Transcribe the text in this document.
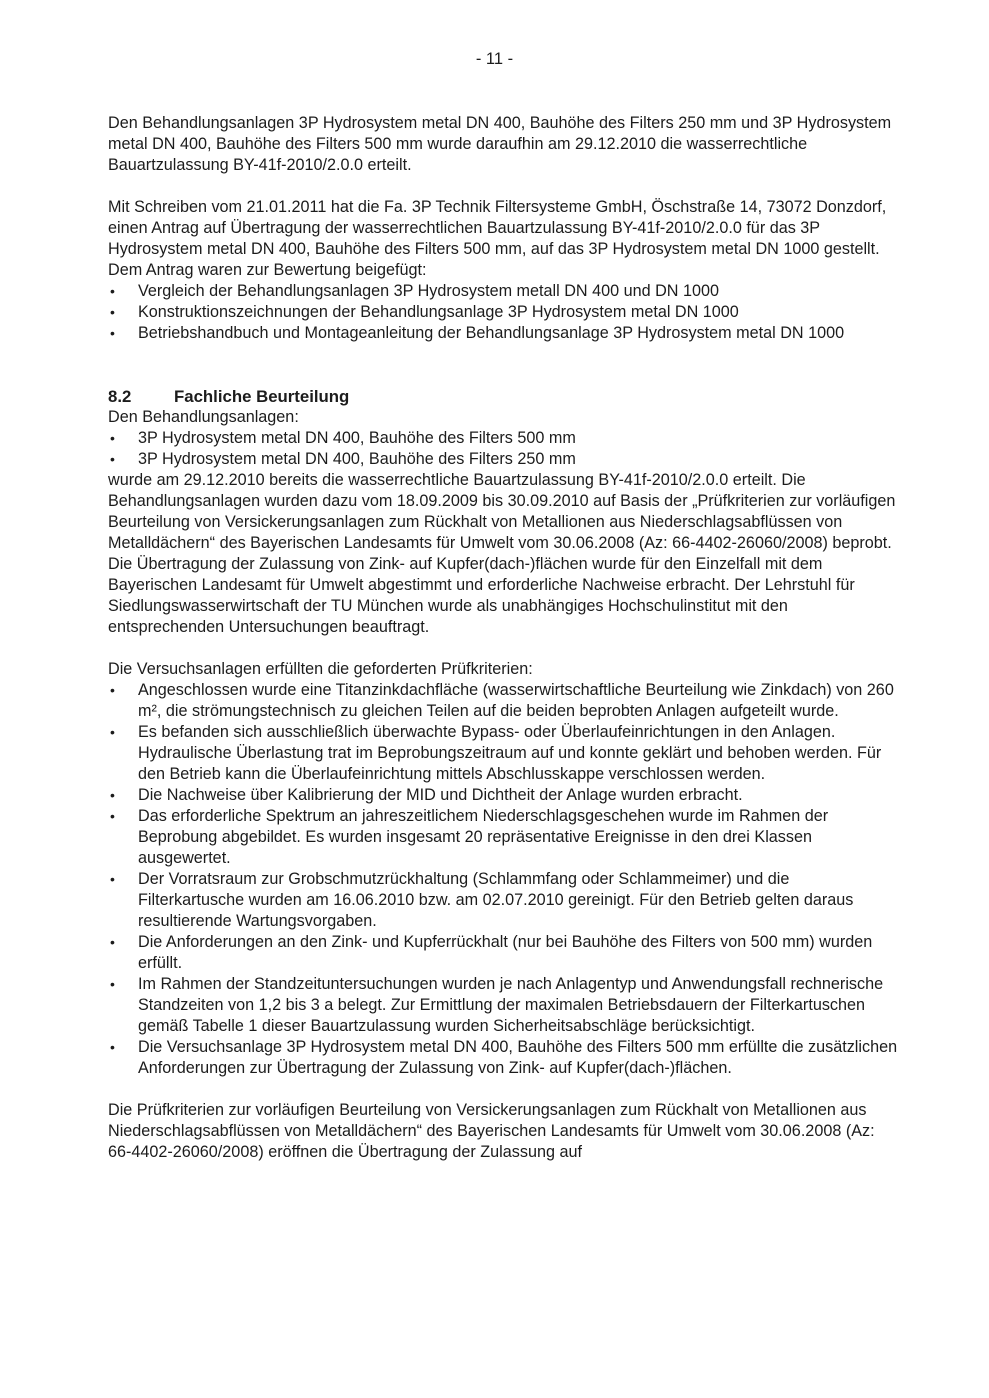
- 11 -

Den Behandlungsanlagen 3P Hydrosystem metal DN 400, Bauhöhe des Filters 250 mm und 3P Hydrosystem metal DN 400, Bauhöhe des Filters 500 mm wurde daraufhin am 29.12.2010 die wasserrechtliche Bauartzulassung BY-41f-2010/2.0.0 erteilt.

Mit Schreiben vom 21.01.2011 hat die Fa. 3P Technik Filtersysteme GmbH, Öschstraße 14, 73072 Donzdorf, einen Antrag auf Übertragung der wasserrechtlichen Bauartzulassung BY-41f-2010/2.0.0 für das 3P Hydrosystem metal DN 400, Bauhöhe des Filters 500 mm, auf das 3P Hydrosystem metal DN 1000 gestellt. Dem Antrag waren zur Bewertung beigefügt:

•	Vergleich der Behandlungsanlagen 3P Hydrosystem metall DN 400 und DN 1000
•	Konstruktionszeichnungen der Behandlungsanlage 3P Hydrosystem metal DN 1000
•	Betriebshandbuch und Montageanleitung der Behandlungsanlage 3P Hydrosystem metal DN 1000
8.2	Fachliche Beurteilung

Den Behandlungsanlagen:

•	3P Hydrosystem metal DN 400, Bauhöhe des Filters 500 mm
•	3P Hydrosystem metal DN 400, Bauhöhe des Filters 250 mm

wurde am 29.12.2010 bereits die wasserrechtliche Bauartzulassung BY-41f-2010/2.0.0 erteilt. Die Behandlungsanlagen wurden dazu vom 18.09.2009 bis 30.09.2010 auf Basis der „Prüfkriterien zur vorläufigen Beurteilung von Versickerungsanlagen zum Rückhalt von Metallionen aus Niederschlagsabflüssen von Metalldächern“ des Bayerischen Landesamts für Umwelt vom 30.06.2008 (Az: 66-4402-26060/2008) beprobt. Die Übertragung der Zulassung von Zink- auf Kupfer(dach-)flächen wurde für den Einzelfall mit dem Bayerischen Landesamt für Umwelt abgestimmt und erforderliche Nachweise erbracht. Der Lehrstuhl für Siedlungswasserwirtschaft der TU München wurde als unabhängiges Hochschulinstitut mit den entsprechenden Untersuchungen beauftragt.

Die Versuchsanlagen erfüllten die geforderten Prüfkriterien:

•	Angeschlossen wurde eine Titanzinkdachfläche (wasserwirtschaftliche Beurteilung wie Zinkdach) von 260 m², die strömungstechnisch zu gleichen Teilen auf die beiden beprobten Anlagen aufgeteilt wurde.
•	Es befanden sich ausschließlich überwachte Bypass- oder Überlaufeinrichtungen in den Anlagen. Hydraulische Überlastung trat im Beprobungszeitraum auf und konnte geklärt und behoben werden. Für den Betrieb kann die Überlaufeinrichtung mittels Abschlusskappe verschlossen werden.
•	Die Nachweise über Kalibrierung der MID und Dichtheit der Anlage wurden erbracht.
•	Das erforderliche Spektrum an jahreszeitlichem Niederschlagsgeschehen wurde im Rahmen der Beprobung abgebildet. Es wurden insgesamt 20 repräsentative Ereignisse in den drei Klassen ausgewertet.
•	Der Vorratsraum zur Grobschmutzrückhaltung (Schlammfang oder Schlammeimer) und die Filterkartusche wurden am 16.06.2010 bzw. am 02.07.2010 gereinigt. Für den Betrieb gelten daraus resultierende Wartungsvorgaben.
•	Die Anforderungen an den Zink- und Kupferrückhalt (nur bei Bauhöhe des Filters von 500 mm) wurden erfüllt.
•	Im Rahmen der Standzeituntersuchungen wurden je nach Anlagentyp und Anwendungsfall rechnerische Standzeiten von 1,2 bis 3 a belegt. Zur Ermittlung der maximalen Betriebsdauern der Filterkartuschen gemäß Tabelle 1 dieser Bauartzulassung wurden Sicherheitsabschläge berücksichtigt.
•	Die Versuchsanlage 3P Hydrosystem metal DN 400, Bauhöhe des Filters 500 mm erfüllte die zusätzlichen Anforderungen zur Übertragung der Zulassung von Zink- auf Kupfer(dach-)flächen.

Die Prüfkriterien zur vorläufigen Beurteilung von Versickerungsanlagen zum Rückhalt von Metallionen aus Niederschlagsabflüssen von Metalldächern“ des Bayerischen Landesamts für Umwelt vom 30.06.2008 (Az: 66-4402-26060/2008) eröffnen die Übertragung der Zulassung auf
